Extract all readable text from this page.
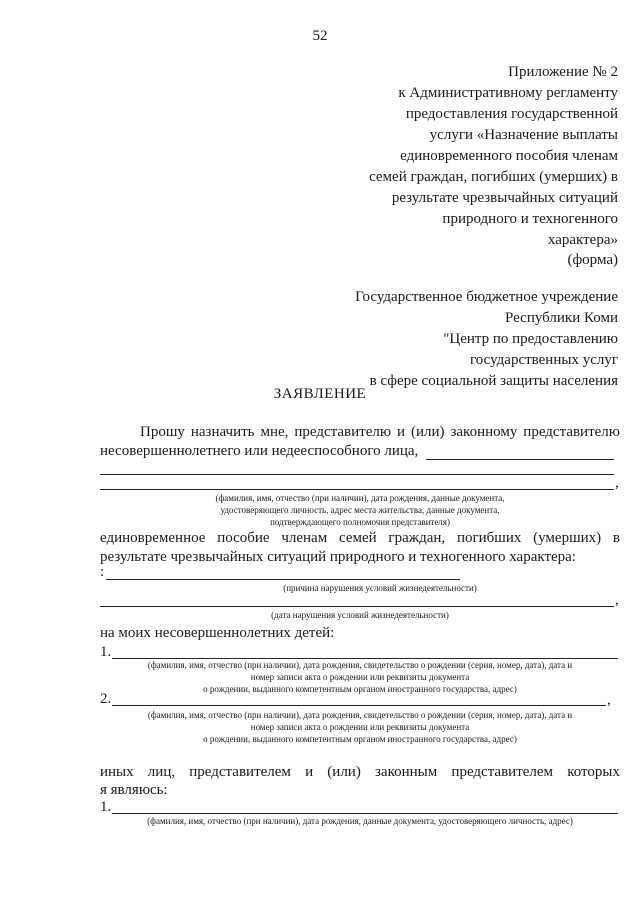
52
Приложение № 2
к Административному регламенту
предоставления государственной
услуги «Назначение выплаты
единовременного пособия членам
семей граждан, погибших (умерших) в
результате чрезвычайных ситуаций
природного и техногенного
характера»
(форма)
Государственное бюджетное учреждение
Республики Коми
"Центр по предоставлению
государственных услуг
в сфере социальной защиты населения
ЗАЯВЛЕНИЕ
Прошу назначить мне, представителю и (или) законному представителю
несовершеннолетнего или недееспособного лица,
,
(фамилия, имя, отчество (при наличии), дата рождения, данные документа,
удостоверяющего личность, адрес места жительства, данные документа,
подтверждающего полномочия представителя)
единовременное пособие членам семей граждан, погибших (умерших) в
результате чрезвычайных ситуаций природного и техногенного характера:
:
(причина нарушения условий жизнедеятельности)
,
(дата нарушения условий жизнедеятельности)
на моих несовершеннолетних детей:
1.
(фамилия, имя, отчество (при наличии), дата рождения, свидетельство о рождении (серия, номер, дата), дата и
номер записи акта о рождении или реквизиты документа
о рождении, выданного компетентным органом иностранного государства, адрес)
2.	,
(фамилия, имя, отчество (при наличии), дата рождения, свидетельство о рождении (серия, номер, дата), дата и
номер записи акта о рождении или реквизиты документа
о рождении, выданного компетентным органом иностранного государства, адрес)
иных лиц, представителем и (или) законным представителем которых
я являюсь:
1.
(фамилия, имя, отчество (при наличии), дата рождения, данные документа, удостоверяющего личность, адрес)
